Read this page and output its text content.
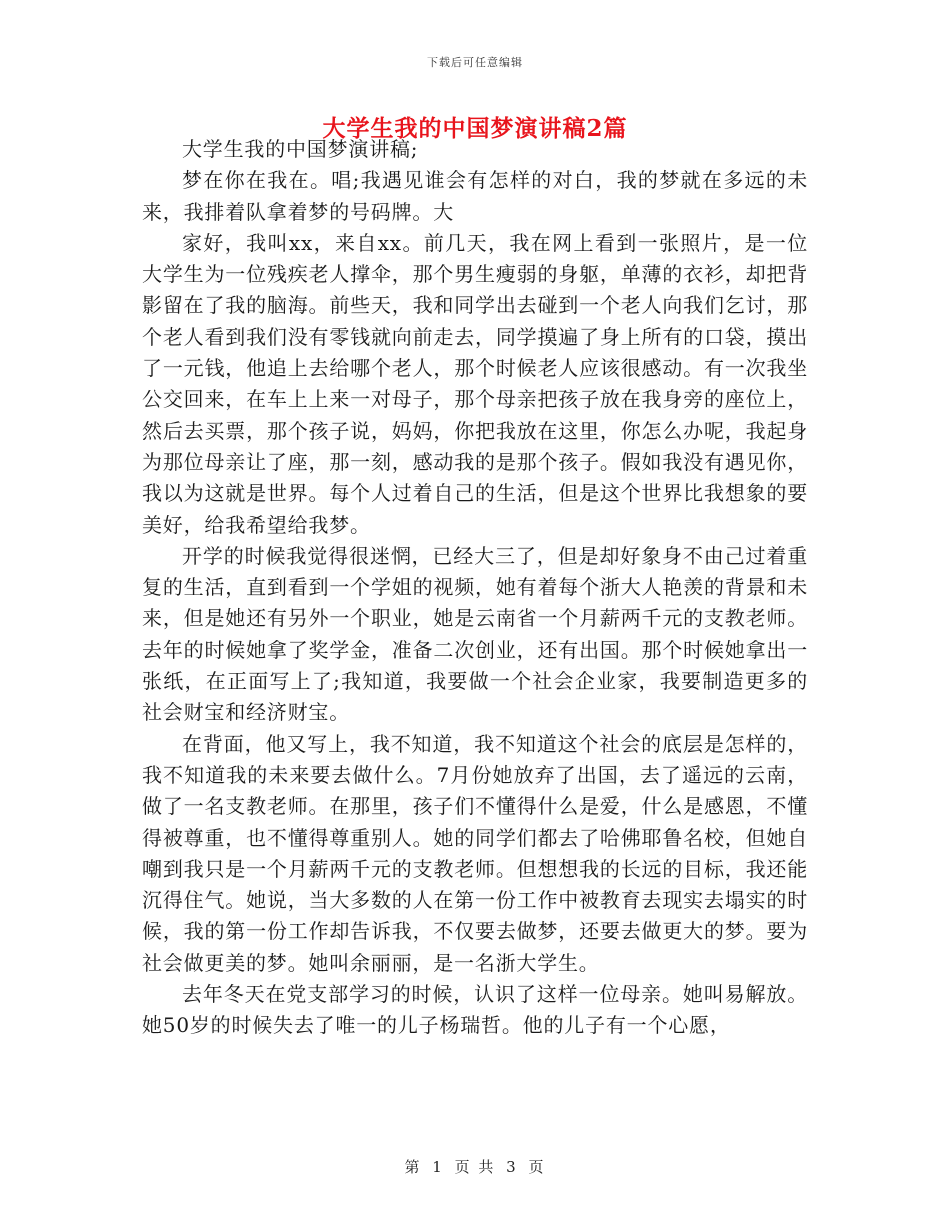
下载后可任意编辑
大学生我的中国梦演讲稿2篇

大学生我的中国梦演讲稿;

梦在你在我在。唱;我遇见谁会有怎样的对白，我的梦就在多远的未来，我排着队拿着梦的号码牌。大

家好，我叫xx，来自xx。前几天，我在网上看到一张照片，是一位大学生为一位残疾老人撑伞，那个男生瘦弱的身躯，单薄的衣衫，却把背影留在了我的脑海。前些天，我和同学出去碰到一个老人向我们乞讨，那个老人看到我们没有零钱就向前走去，同学摸遍了身上所有的口袋，摸出了一元钱，他追上去给哪个老人，那个时候老人应该很感动。有一次我坐公交回来，在车上上来一对母子，那个母亲把孩子放在我身旁的座位上，然后去买票，那个孩子说，妈妈，你把我放在这里，你怎么办呢，我起身为那位母亲让了座，那一刻，感动我的是那个孩子。假如我没有遇见你，我以为这就是世界。每个人过着自己的生活，但是这个世界比我想象的要美好，给我希望给我梦。

开学的时候我觉得很迷惘，已经大三了，但是却好象身不由己过着重复的生活，直到看到一个学姐的视频，她有着每个浙大人艳羡的背景和未来，但是她还有另外一个职业，她是云南省一个月薪两千元的支教老师。去年的时候她拿了奖学金，准备二次创业，还有出国。那个时候她拿出一张纸，在正面写上了;我知道，我要做一个社会企业家，我要制造更多的社会财宝和经济财宝。

在背面，他又写上，我不知道，我不知道这个社会的底层是怎样的，我不知道我的未来要去做什么。7月份她放弃了出国，去了遥远的云南，做了一名支教老师。在那里，孩子们不懂得什么是爱，什么是感恩，不懂得被尊重，也不懂得尊重别人。她的同学们都去了哈佛耶鲁名校，但她自嘲到我只是一个月薪两千元的支教老师。但想想我的长远的目标，我还能沉得住气。她说，当大多数的人在第一份工作中被教育去现实去塌实的时候，我的第一份工作却告诉我，不仅要去做梦，还要去做更大的梦。要为社会做更美的梦。她叫余丽丽，是一名浙大学生。

去年冬天在党支部学习的时候，认识了这样一位母亲。她叫易解放。她50岁的时候失去了唯一的儿子杨瑞哲。他的儿子有一个心愿，

第 1 页 共 3 页
